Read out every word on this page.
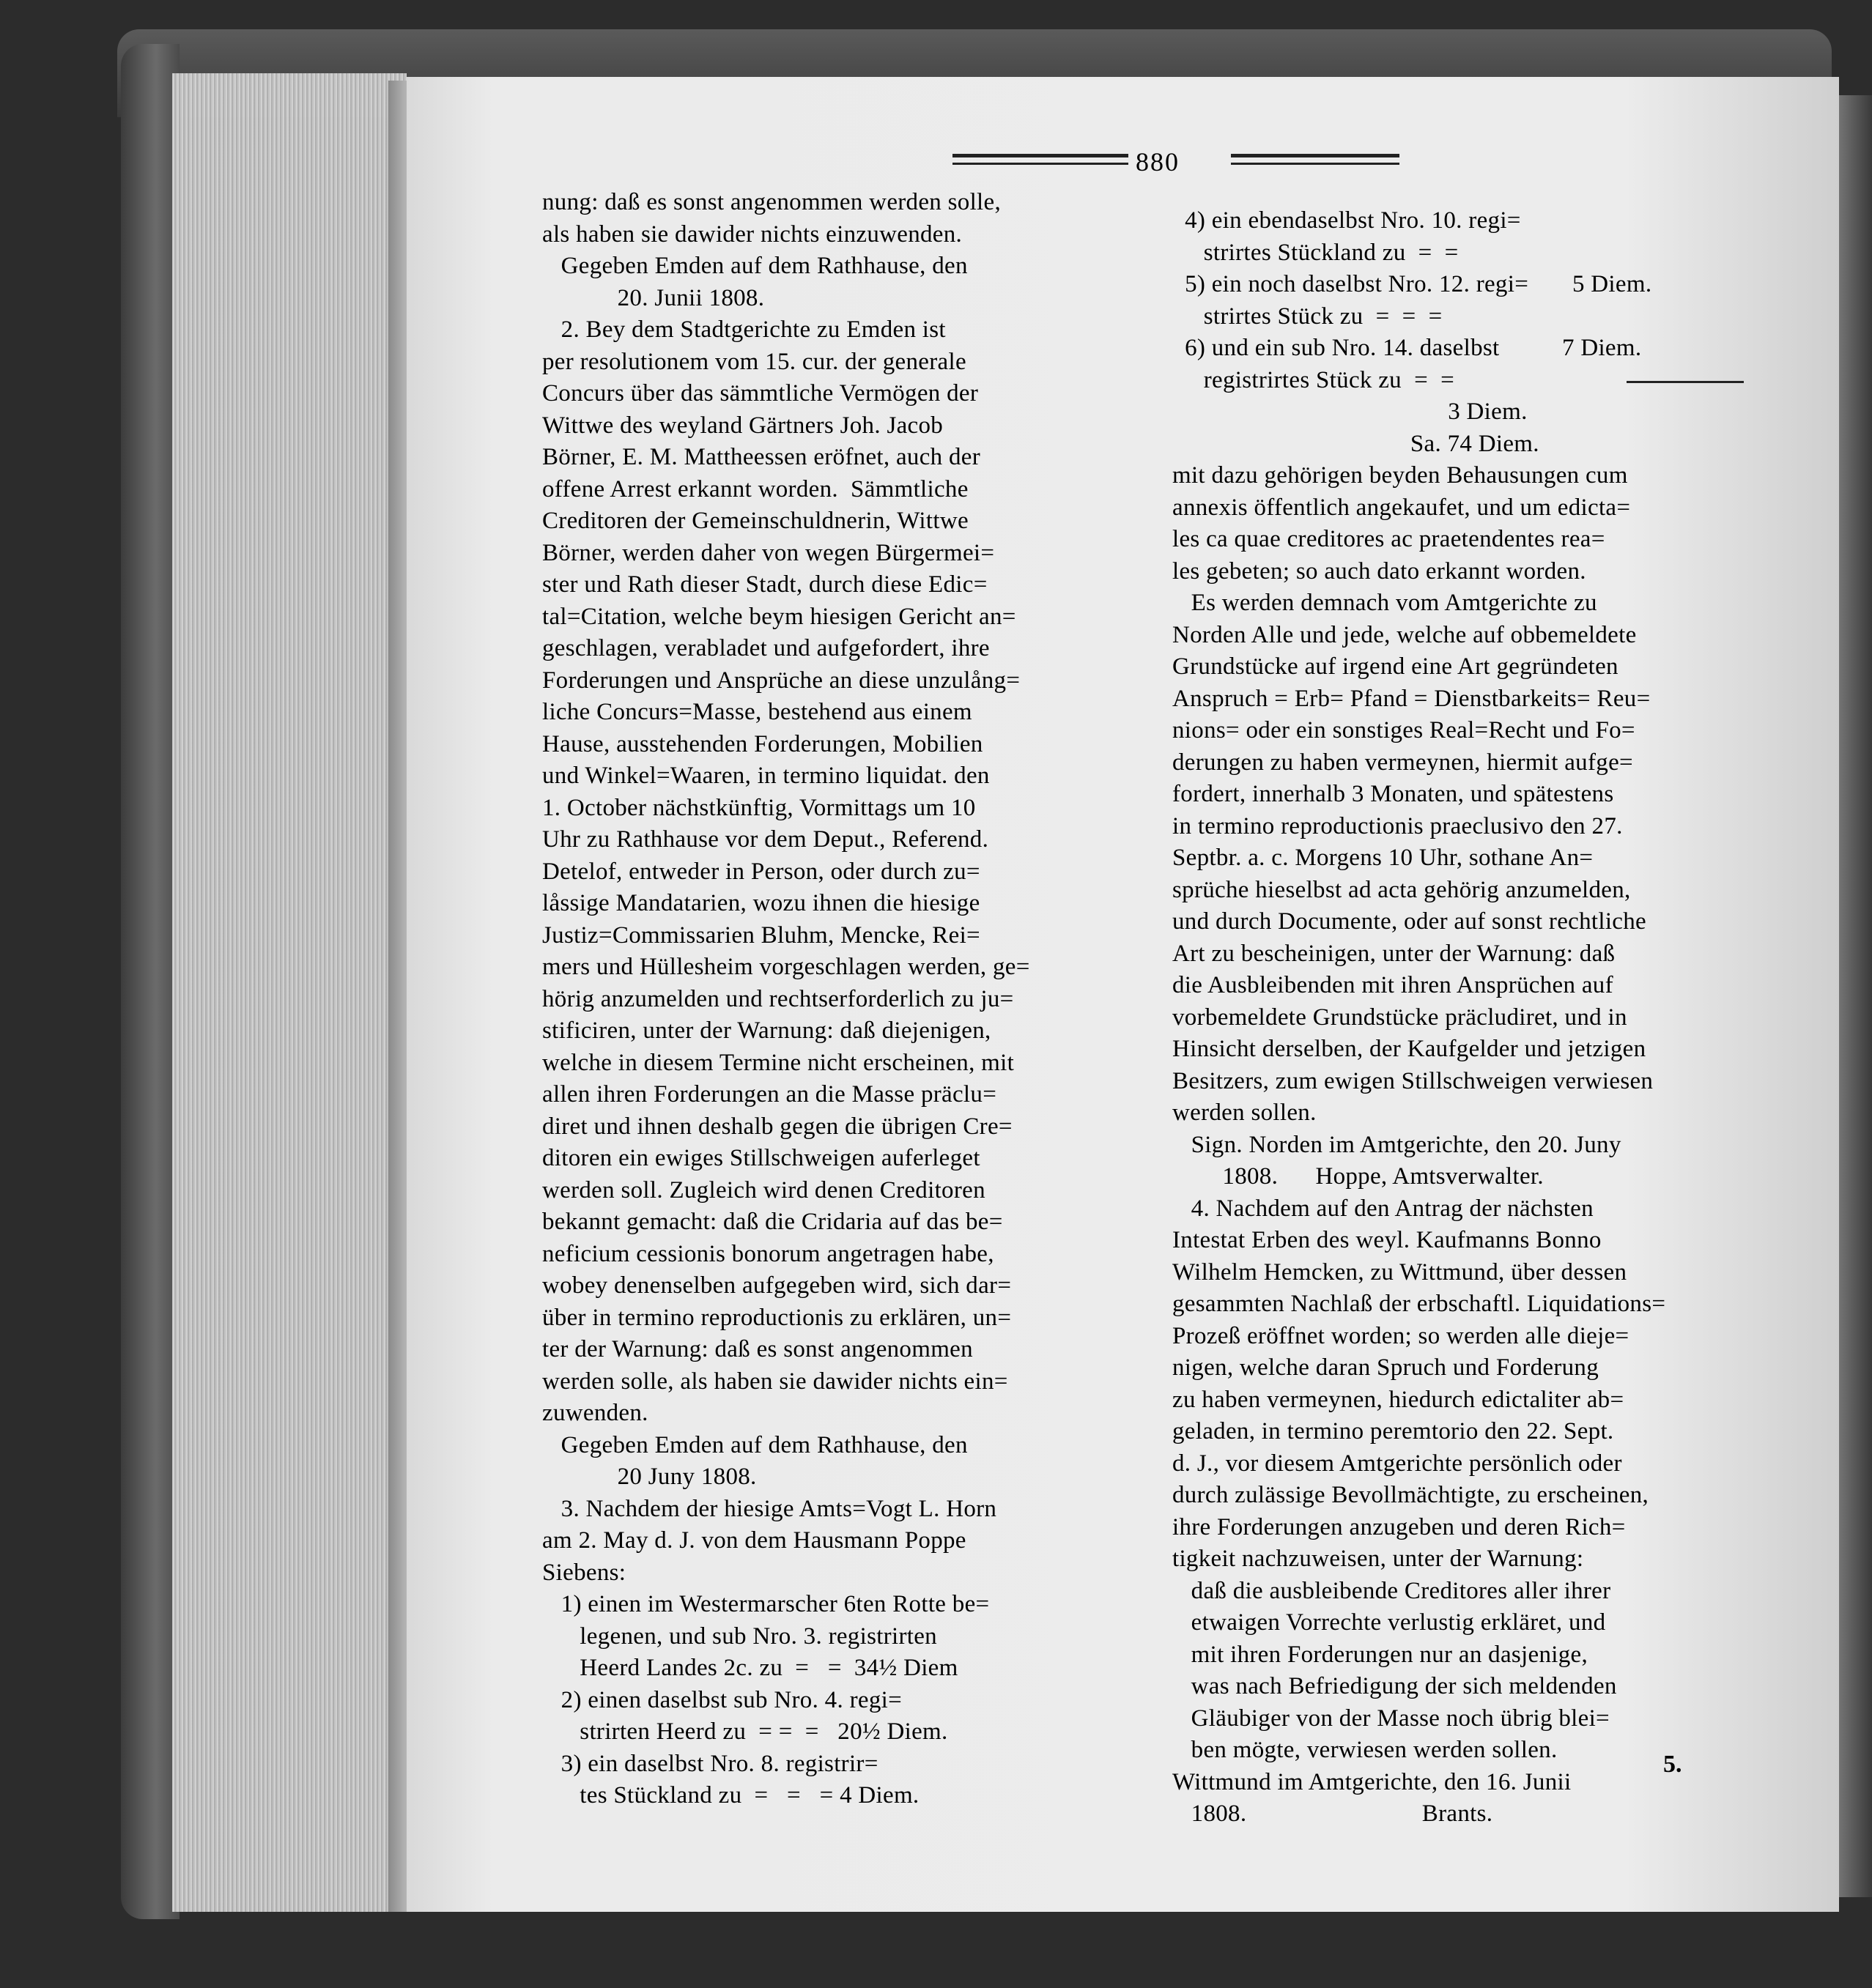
880
nung: daß es sonst angenommen werden solle,
als haben sie dawider nichts einzuwenden.
Gegeben Emden auf dem Rathhause, den
20. Junii 1808.
2. Bey dem Stadtgerichte zu Emden ist
per resolutionem vom 15. cur. der generale
Concurs über das sämmtliche Vermögen der
Wittwe des weyland Gärtners Joh. Jacob
Börner, E. M. Mattheessen eröfnet, auch der
offene Arrest erkannt worden.  Sämmtliche
Creditoren der Gemeinschuldnerin, Wittwe
Börner, werden daher von wegen Bürgermei=
ster und Rath dieser Stadt, durch diese Edic=
tal=Citation, welche beym hiesigen Gericht an=
geschlagen, verabladet und aufgefordert, ihre
Forderungen und Ansprüche an diese unzulång=
liche Concurs=Masse, bestehend aus einem
Hause, ausstehenden Forderungen, Mobilien
und Winkel=Waaren, in termino liquidat. den
1. October nächstkünftig, Vormittags um 10
Uhr zu Rathhause vor dem Deput., Referend.
Detelof, entweder in Person, oder durch zu=
låssige Mandatarien, wozu ihnen die hiesige
Justiz=Commissarien Bluhm, Mencke, Rei=
mers und Hüllesheim vorgeschlagen werden, ge=
hörig anzumelden und rechtserforderlich zu ju=
stificiren, unter der Warnung: daß diejenigen,
welche in diesem Termine nicht erscheinen, mit
allen ihren Forderungen an die Masse präclu=
diret und ihnen deshalb gegen die übrigen Cre=
ditoren ein ewiges Stillschweigen auferleget
werden soll. Zugleich wird denen Creditoren
bekannt gemacht: daß die Cridaria auf das be=
neficium cessionis bonorum angetragen habe,
wobey denenselben aufgegeben wird, sich dar=
über in termino reproductionis zu erklären, un=
ter der Warnung: daß es sonst angenommen
werden solle, als haben sie dawider nichts ein=
zuwenden.
Gegeben Emden auf dem Rathhause, den
20 Juny 1808.
3. Nachdem der hiesige Amts=Vogt L. Horn
am 2. May d. J. von dem Hausmann Poppe
Siebens:
1) einen im Westermarscher 6ten Rotte be=
legenen, und sub Nro. 3. registrirten
Heerd Landes 2c. zu  =   =  34½ Diem
2) einen daselbst sub Nro. 4. regi=
strirten Heerd zu  = =  =   20½ Diem.
3) ein daselbst Nro. 8. registrir=
tes Stückland zu  =   =   = 4 Diem.
4) ein ebendaselbst Nro. 10. regi=
strirtes Stückland zu  =  =
5) ein noch daselbst Nro. 12. regi=       5 Diem.
strirtes Stück zu  =  =  =
6) und ein sub Nro. 14. daselbst          7 Diem.
registrirtes Stück zu  =  =
3 Diem.
Sa. 74 Diem.
mit dazu gehörigen beyden Behausungen cum
annexis öffentlich angekaufet, und um edicta=
les ca quae creditores ac praetendentes rea=
les gebeten; so auch dato erkannt worden.
Es werden demnach vom Amtgerichte zu
Norden Alle und jede, welche auf obbemeldete
Grundstücke auf irgend eine Art gegründeten
Anspruch = Erb= Pfand = Dienstbarkeits= Reu=
nions= oder ein sonstiges Real=Recht und Fo=
derungen zu haben vermeynen, hiermit aufge=
fordert, innerhalb 3 Monaten, und spätestens
in termino reproductionis praeclusivo den 27.
Septbr. a. c. Morgens 10 Uhr, sothane An=
sprüche hieselbst ad acta gehörig anzumelden,
und durch Documente, oder auf sonst rechtliche
Art zu bescheinigen, unter der Warnung: daß
die Ausbleibenden mit ihren Ansprüchen auf
vorbemeldete Grundstücke präcludiret, und in
Hinsicht derselben, der Kaufgelder und jetzigen
Besitzers, zum ewigen Stillschweigen verwiesen
werden sollen.
Sign. Norden im Amtgerichte, den 20. Juny
1808.      Hoppe, Amtsverwalter.
4. Nachdem auf den Antrag der nächsten
Intestat Erben des weyl. Kaufmanns Bonno
Wilhelm Hemcken, zu Wittmund, über dessen
gesammten Nachlaß der erbschaftl. Liquidations=
Prozeß eröffnet worden; so werden alle dieje=
nigen, welche daran Spruch und Forderung
zu haben vermeynen, hiedurch edictaliter ab=
geladen, in termino peremtorio den 22. Sept.
d. J., vor diesem Amtgerichte persönlich oder
durch zulässige Bevollmächtigte, zu erscheinen,
ihre Forderungen anzugeben und deren Rich=
tigkeit nachzuweisen, unter der Warnung:
daß die ausbleibende Creditores aller ihrer
etwaigen Vorrechte verlustig erkläret, und
mit ihren Forderungen nur an dasjenige,
was nach Befriedigung der sich meldenden
Gläubiger von der Masse noch übrig blei=
ben mögte, verwiesen werden sollen.
Wittmund im Amtgerichte, den 16. Junii
1808.                            Brants.
5.
